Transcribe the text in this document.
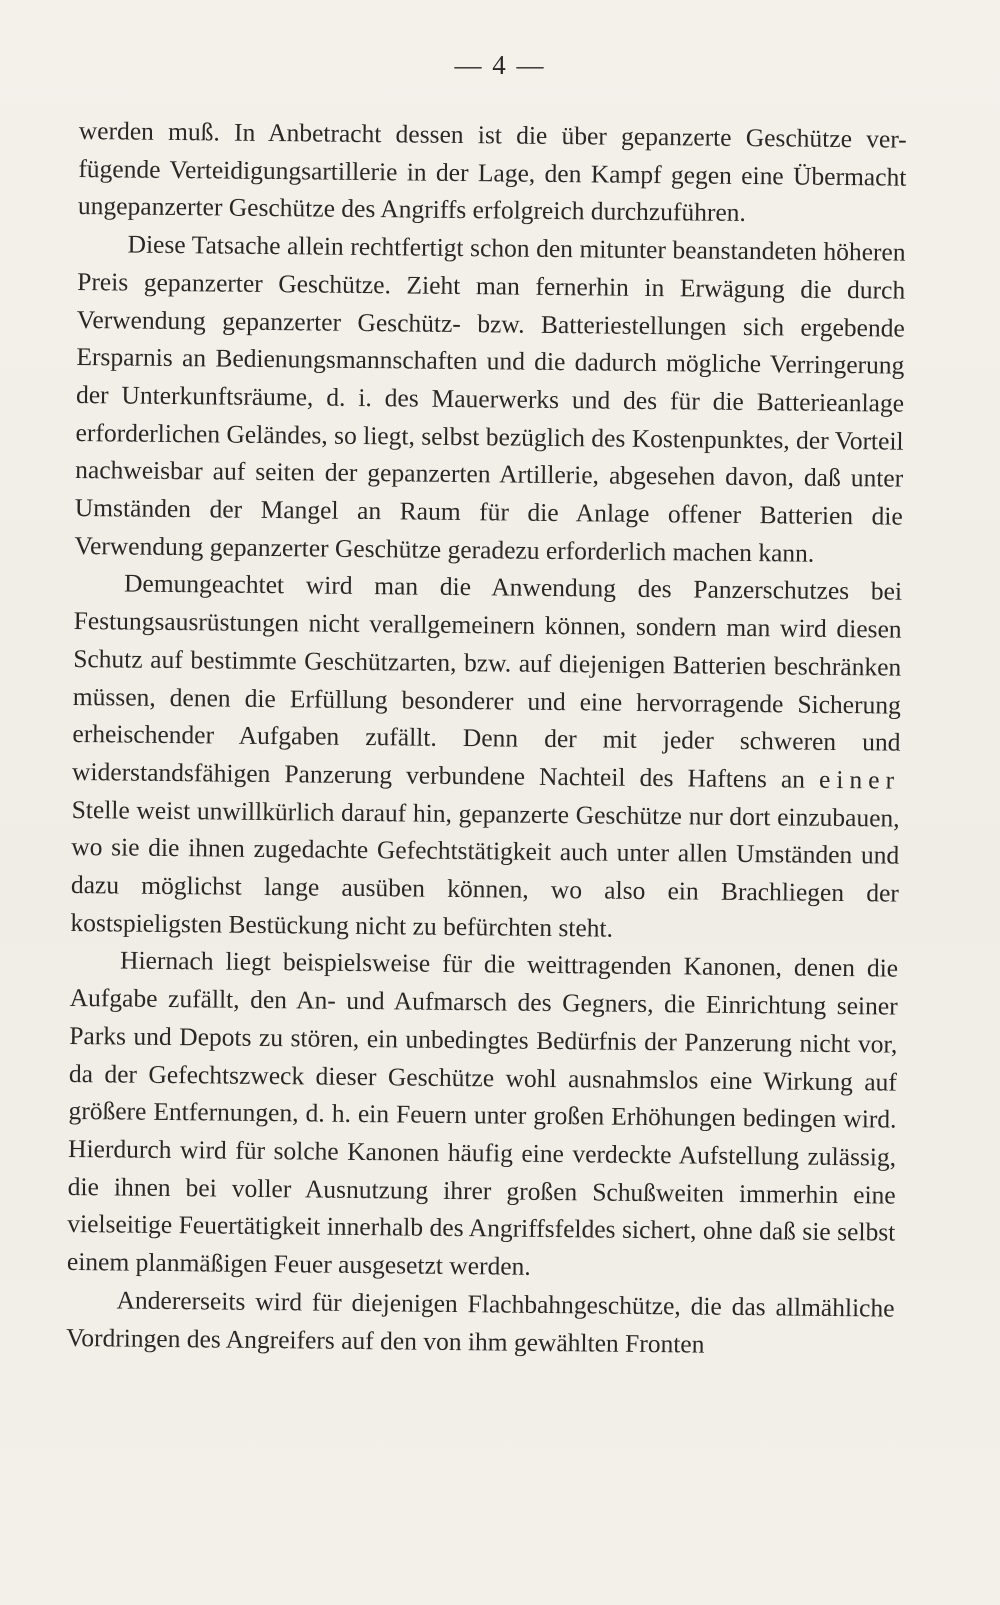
— 4 —

werden muß. In Anbetracht dessen ist die über gepanzerte Geschütze ver-fügende Verteidigungsartillerie in der Lage, den Kampf gegen eine Übermacht ungepanzerter Geschütze des Angriffs erfolgreich durchzuführen.

Diese Tatsache allein rechtfertigt schon den mitunter beanstandeten höheren Preis gepanzerter Geschütze. Zieht man fernerhin in Erwägung die durch Verwendung gepanzerter Geschütz- bzw. Batteriestellungen sich ergebende Ersparnis an Bedienungsmannschaften und die dadurch mögliche Verringerung der Unterkunftsräume, d. i. des Mauerwerks und des für die Batterieanlage erforderlichen Geländes, so liegt, selbst bezüglich des Kostenpunktes, der Vorteil nachweisbar auf seiten der gepanzerten Artillerie, abgesehen davon, daß unter Umständen der Mangel an Raum für die Anlage offener Batterien die Verwendung gepanzerter Geschütze geradezu erforderlich machen kann.

Demungeachtet wird man die Anwendung des Panzerschutzes bei Festungsausrüstungen nicht verallgemeinern können, sondern man wird diesen Schutz auf bestimmte Geschützarten, bzw. auf diejenigen Batterien beschränken müssen, denen die Erfüllung besonderer und eine hervorragende Sicherung erheischender Aufgaben zufällt. Denn der mit jeder schweren und widerstandsfähigen Panzerung verbundene Nachteil des Haftens an einer Stelle weist unwillkürlich darauf hin, gepanzerte Geschütze nur dort einzubauen, wo sie die ihnen zugedachte Gefechtstätigkeit auch unter allen Umständen und dazu möglichst lange ausüben können, wo also ein Brachliegen der kostspieligsten Bestückung nicht zu befürchten steht.

Hiernach liegt beispielsweise für die weittragenden Kanonen, denen die Aufgabe zufällt, den An- und Aufmarsch des Gegners, die Einrichtung seiner Parks und Depots zu stören, ein unbedingtes Bedürfnis der Panzerung nicht vor, da der Gefechtszweck dieser Geschütze wohl ausnahmslos eine Wirkung auf größere Entfernungen, d. h. ein Feuern unter großen Erhöhungen bedingen wird. Hierdurch wird für solche Kanonen häufig eine verdeckte Aufstellung zulässig, die ihnen bei voller Ausnutzung ihrer großen Schußweiten immerhin eine vielseitige Feuertätigkeit innerhalb des Angriffsfeldes sichert, ohne daß sie selbst einem planmäßigen Feuer ausgesetzt werden.

Andererseits wird für diejenigen Flachbahngeschütze, die das allmähliche Vordringen des Angreifers auf den von ihm gewählten Fronten
